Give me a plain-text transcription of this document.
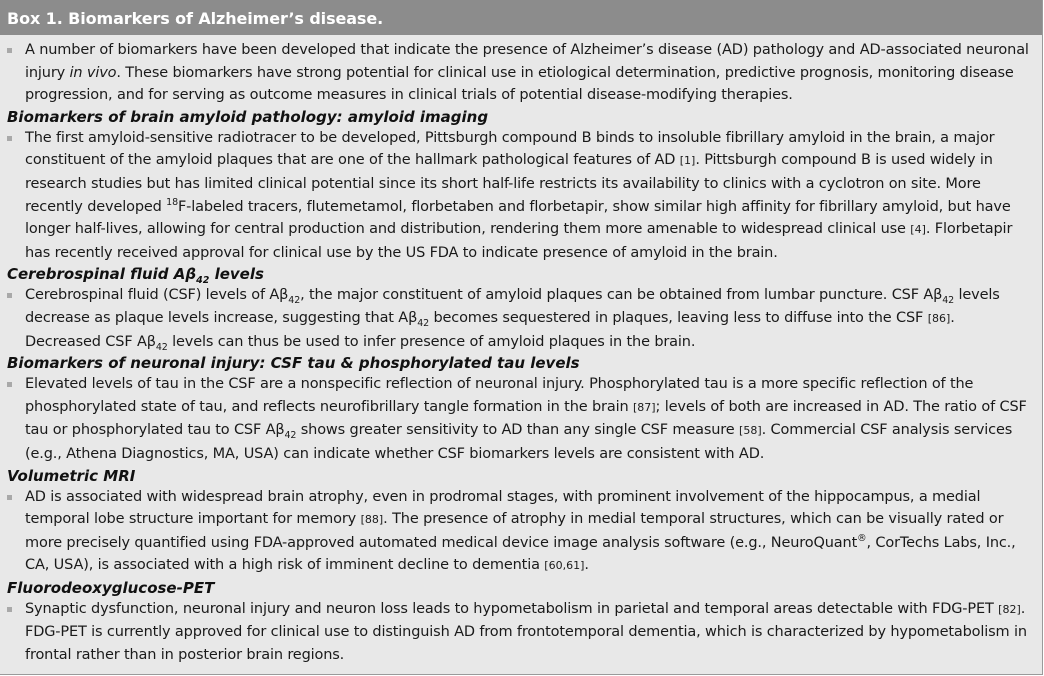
Box 1. Biomarkers of Alzheimer’s disease.
A number of biomarkers have been developed that indicate the presence of Alzheimer’s disease (AD) pathology and AD-associated neuronal injury in vivo. These biomarkers have strong potential for clinical use in etiological determination, predictive prognosis, monitoring disease progression, and for serving as outcome measures in clinical trials of potential disease-modifying therapies.
Biomarkers of brain amyloid pathology: amyloid imaging
The first amyloid-sensitive radiotracer to be developed, Pittsburgh compound B binds to insoluble fibrillary amyloid in the brain, a major constituent of the amyloid plaques that are one of the hallmark pathological features of AD [1]. Pittsburgh compound B is used widely in research studies but has limited clinical potential since its short half-life restricts its availability to clinics with a cyclotron on site. More recently developed $^{18}$F-labeled tracers, flutemetamol, florbetaben and florbetapir, show similar high affinity for fibrillary amyloid, but have longer half-lives, allowing for central production and distribution, rendering them more amenable to widespread clinical use [4]. Florbetapir has recently received approval for clinical use by the US FDA to indicate presence of amyloid in the brain.
Cerebrospinal fluid $A\beta_{42}$ levels
Cerebrospinal fluid (CSF) levels of $A\beta_{42}$, the major constituent of amyloid plaques can be obtained from lumbar puncture. CSF $A\beta_{42}$ levels decrease as plaque levels increase, suggesting that $A\beta_{42}$ becomes sequestered in plaques, leaving less to diffuse into the CSF [86]. Decreased CSF $A\beta_{42}$ levels can thus be used to infer presence of amyloid plaques in the brain.
Biomarkers of neuronal injury: CSF tau & phosphorylated tau levels
Elevated levels of tau in the CSF are a nonspecific reflection of neuronal injury. Phosphorylated tau is a more specific reflection of the phosphorylated state of tau, and reflects neurofibrillary tangle formation in the brain [87]; levels of both are increased in AD. The ratio of CSF tau or phosphorylated tau to CSF $A\beta_{42}$ shows greater sensitivity to AD than any single CSF measure [58]. Commercial CSF analysis services (e.g., Athena Diagnostics, MA, USA) can indicate whether CSF biomarkers levels are consistent with AD.
Volumetric MRI
AD is associated with widespread brain atrophy, even in prodromal stages, with prominent involvement of the hippocampus, a medial temporal lobe structure important for memory [88]. The presence of atrophy in medial temporal structures, which can be visually rated or more precisely quantified using FDA-approved automated medical device image analysis software (e.g., NeuroQuant®, CorTechs Labs, Inc., CA, USA), is associated with a high risk of imminent decline to dementia [60,61].
Fluorodeoxyglucose-PET
Synaptic dysfunction, neuronal injury and neuron loss leads to hypometabolism in parietal and temporal areas detectable with FDG-PET [82]. FDG-PET is currently approved for clinical use to distinguish AD from frontotemporal dementia, which is characterized by hypometabolism in frontal rather than in posterior brain regions.
